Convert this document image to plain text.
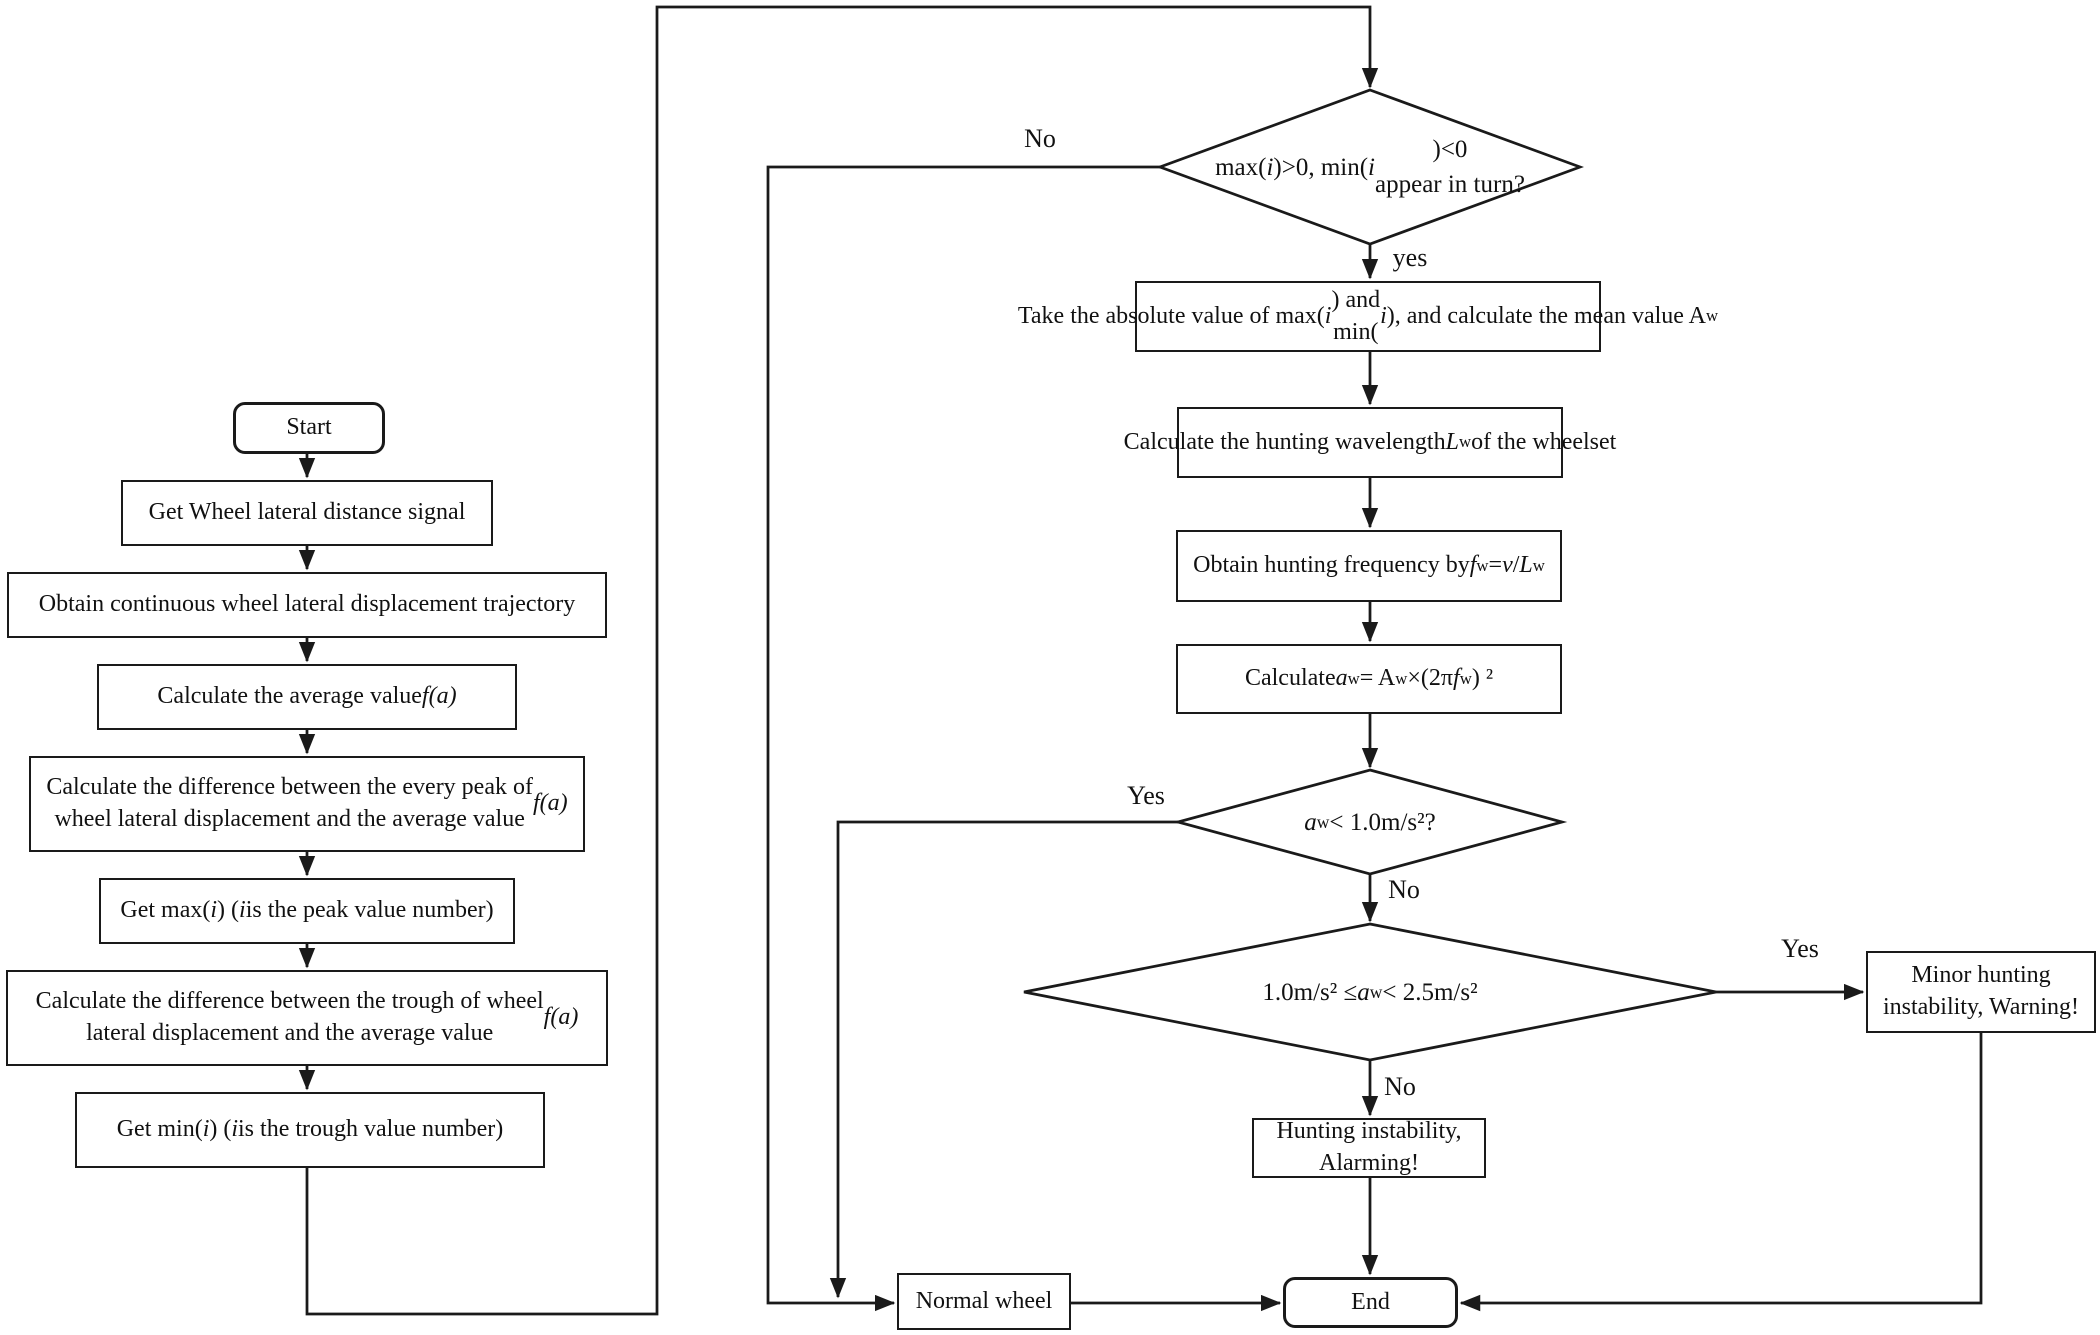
Start
Get Wheel lateral distance signal
Obtain continuous wheel lateral displacement trajectory
Calculate the average value f(a)
Calculate the difference between the every peak of
wheel lateral displacement and the average value
f(a)
Get max( i ) ( i is the peak value number)
Calculate the difference between the trough of wheel
lateral displacement and the average value
f(a)
Get min( i ) ( i is the trough value number)
max( i )>0, min( i
)<0
appear in turn?
Take the absolute value of max( i
) and
min(
i ), and calculate the mean value A w
Calculate the hunting wavelength L w of the wheelset
Obtain hunting frequency by f w = v / L w
Calculate a w = A w ×(2π f w ) ²
a w < 1.0m/s²?
1.0m/s² ≤ a w < 2.5m/s²
Minor hunting
instability, Warning!
Hunting instability,
Alarming!
Normal wheel	End
yes
No
Yes
No
No
Yes
